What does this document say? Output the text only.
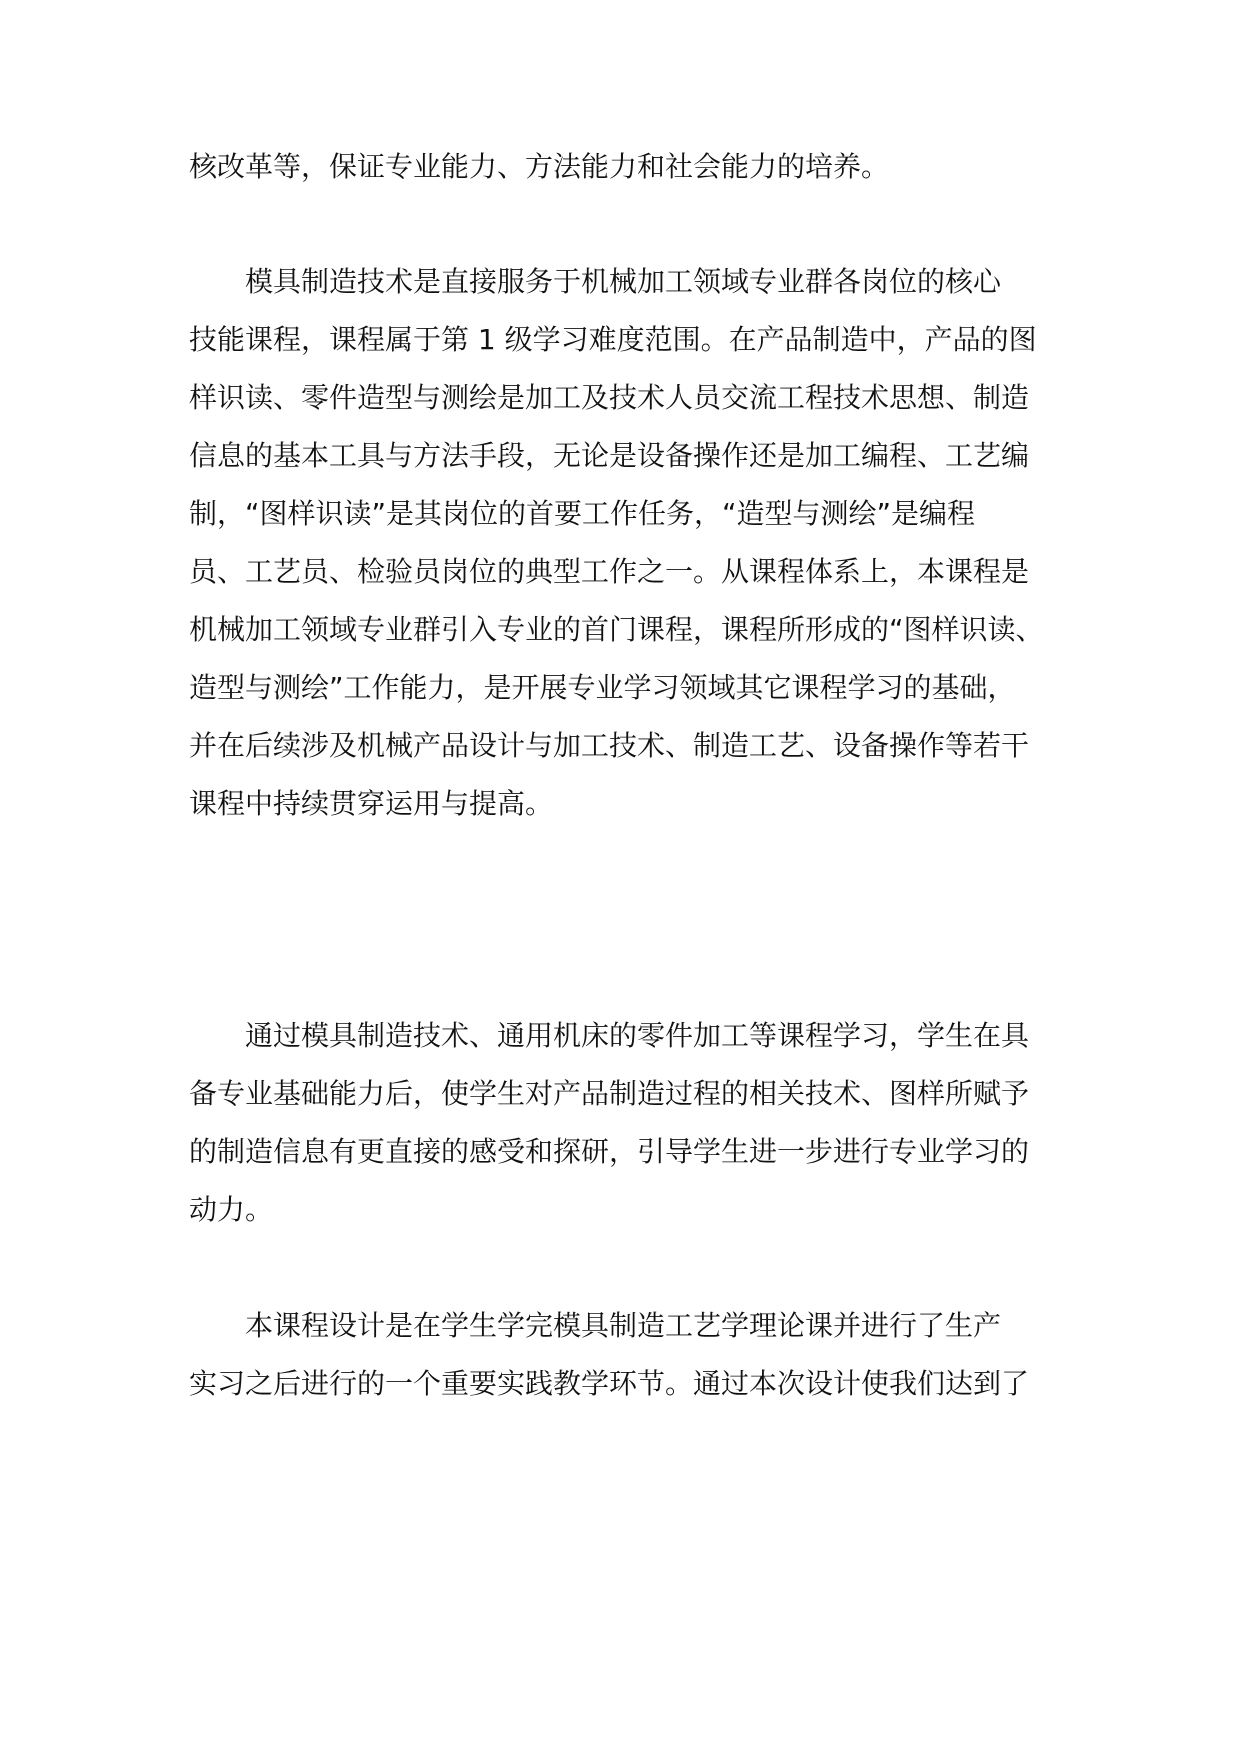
核改革等，保证专业能力、方法能力和社会能力的培养。
模具制造技术是直接服务于机械加工领域专业群各岗位的核心
技能课程，课程属于第 1 级学习难度范围。在产品制造中，产品的图
样识读、零件造型与测绘是加工及技术人员交流工程技术思想、制造
信息的基本工具与方法手段，无论是设备操作还是加工编程、工艺编
制，“图样识读”是其岗位的首要工作任务，“造型与测绘”是编程
员、工艺员、检验员岗位的典型工作之一。从课程体系上，本课程是
机械加工领域专业群引入专业的首门课程，课程所形成的“图样识读、
造型与测绘”工作能力，是开展专业学习领域其它课程学习的基础，
并在后续涉及机械产品设计与加工技术、制造工艺、设备操作等若干
课程中持续贯穿运用与提高。
通过模具制造技术、通用机床的零件加工等课程学习，学生在具
备专业基础能力后，使学生对产品制造过程的相关技术、图样所赋予
的制造信息有更直接的感受和探研，引导学生进一步进行专业学习的
动力。
本课程设计是在学生学完模具制造工艺学理论课并进行了生产
实习之后进行的一个重要实践教学环节。通过本次设计使我们达到了
